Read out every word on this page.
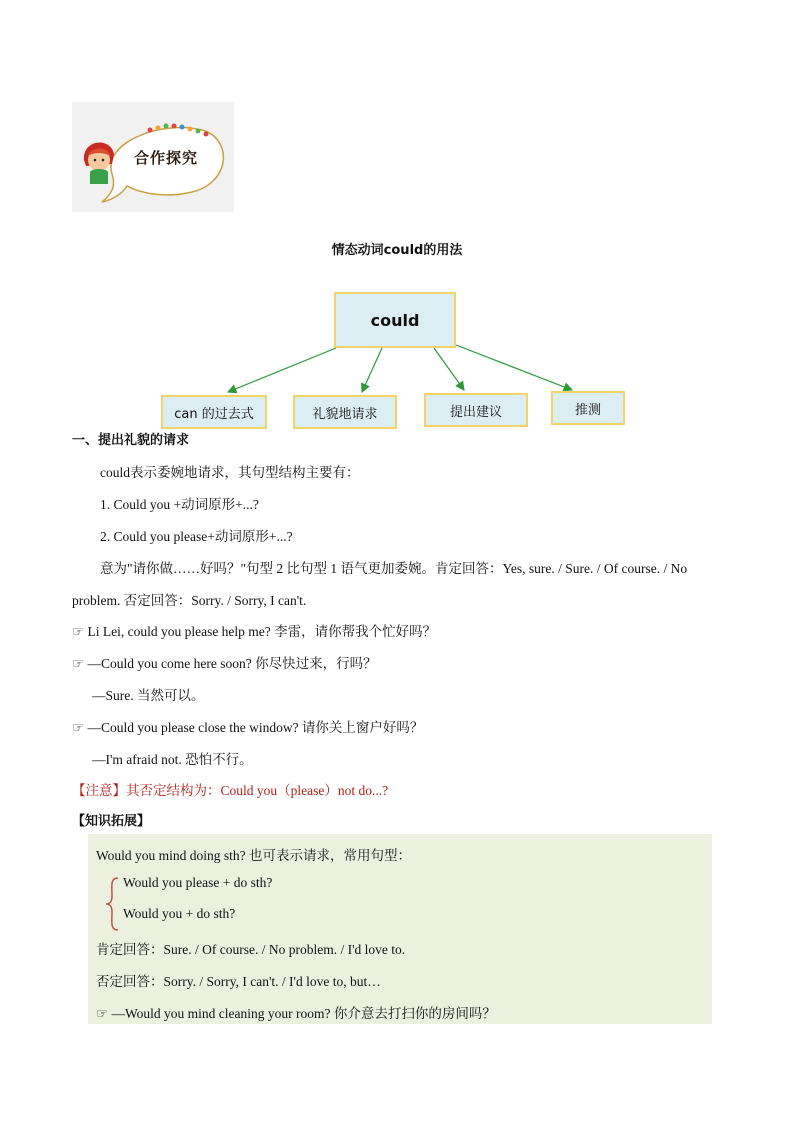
合作探究
情态动词could的用法
could
can 的过去式	礼貌地请求	提出建议	推测
一、提出礼貌的请求
could表示委婉地请求，其句型结构主要有：
1. Could you +动词原形+...?
2. Could you please+动词原形+...?
意为"请你做……好吗？"句型 2 比句型 1 语气更加委婉。肯定回答：Yes, sure. / Sure. / Of course. / No
problem. 否定回答：Sorry. / Sorry, I can't.
☞ Li Lei, could you please help me? 李雷，请你帮我个忙好吗？
☞ —Could you come here soon? 你尽快过来，行吗？
—Sure. 当然可以。
☞ —Could you please close the window? 请你关上窗户好吗？
—I'm afraid not. 恐怕不行。
【注意】其否定结构为：Could you（please）not do...?
【知识拓展】
Would you mind doing sth? 也可表示请求，常用句型：
Would you please + do sth?
Would you + do sth?
肯定回答：Sure. / Of course. / No problem. / I'd love to.
否定回答：Sorry. / Sorry, I can't. / I'd love to, but…
☞ —Would you mind cleaning your room? 你介意去打扫你的房间吗？
